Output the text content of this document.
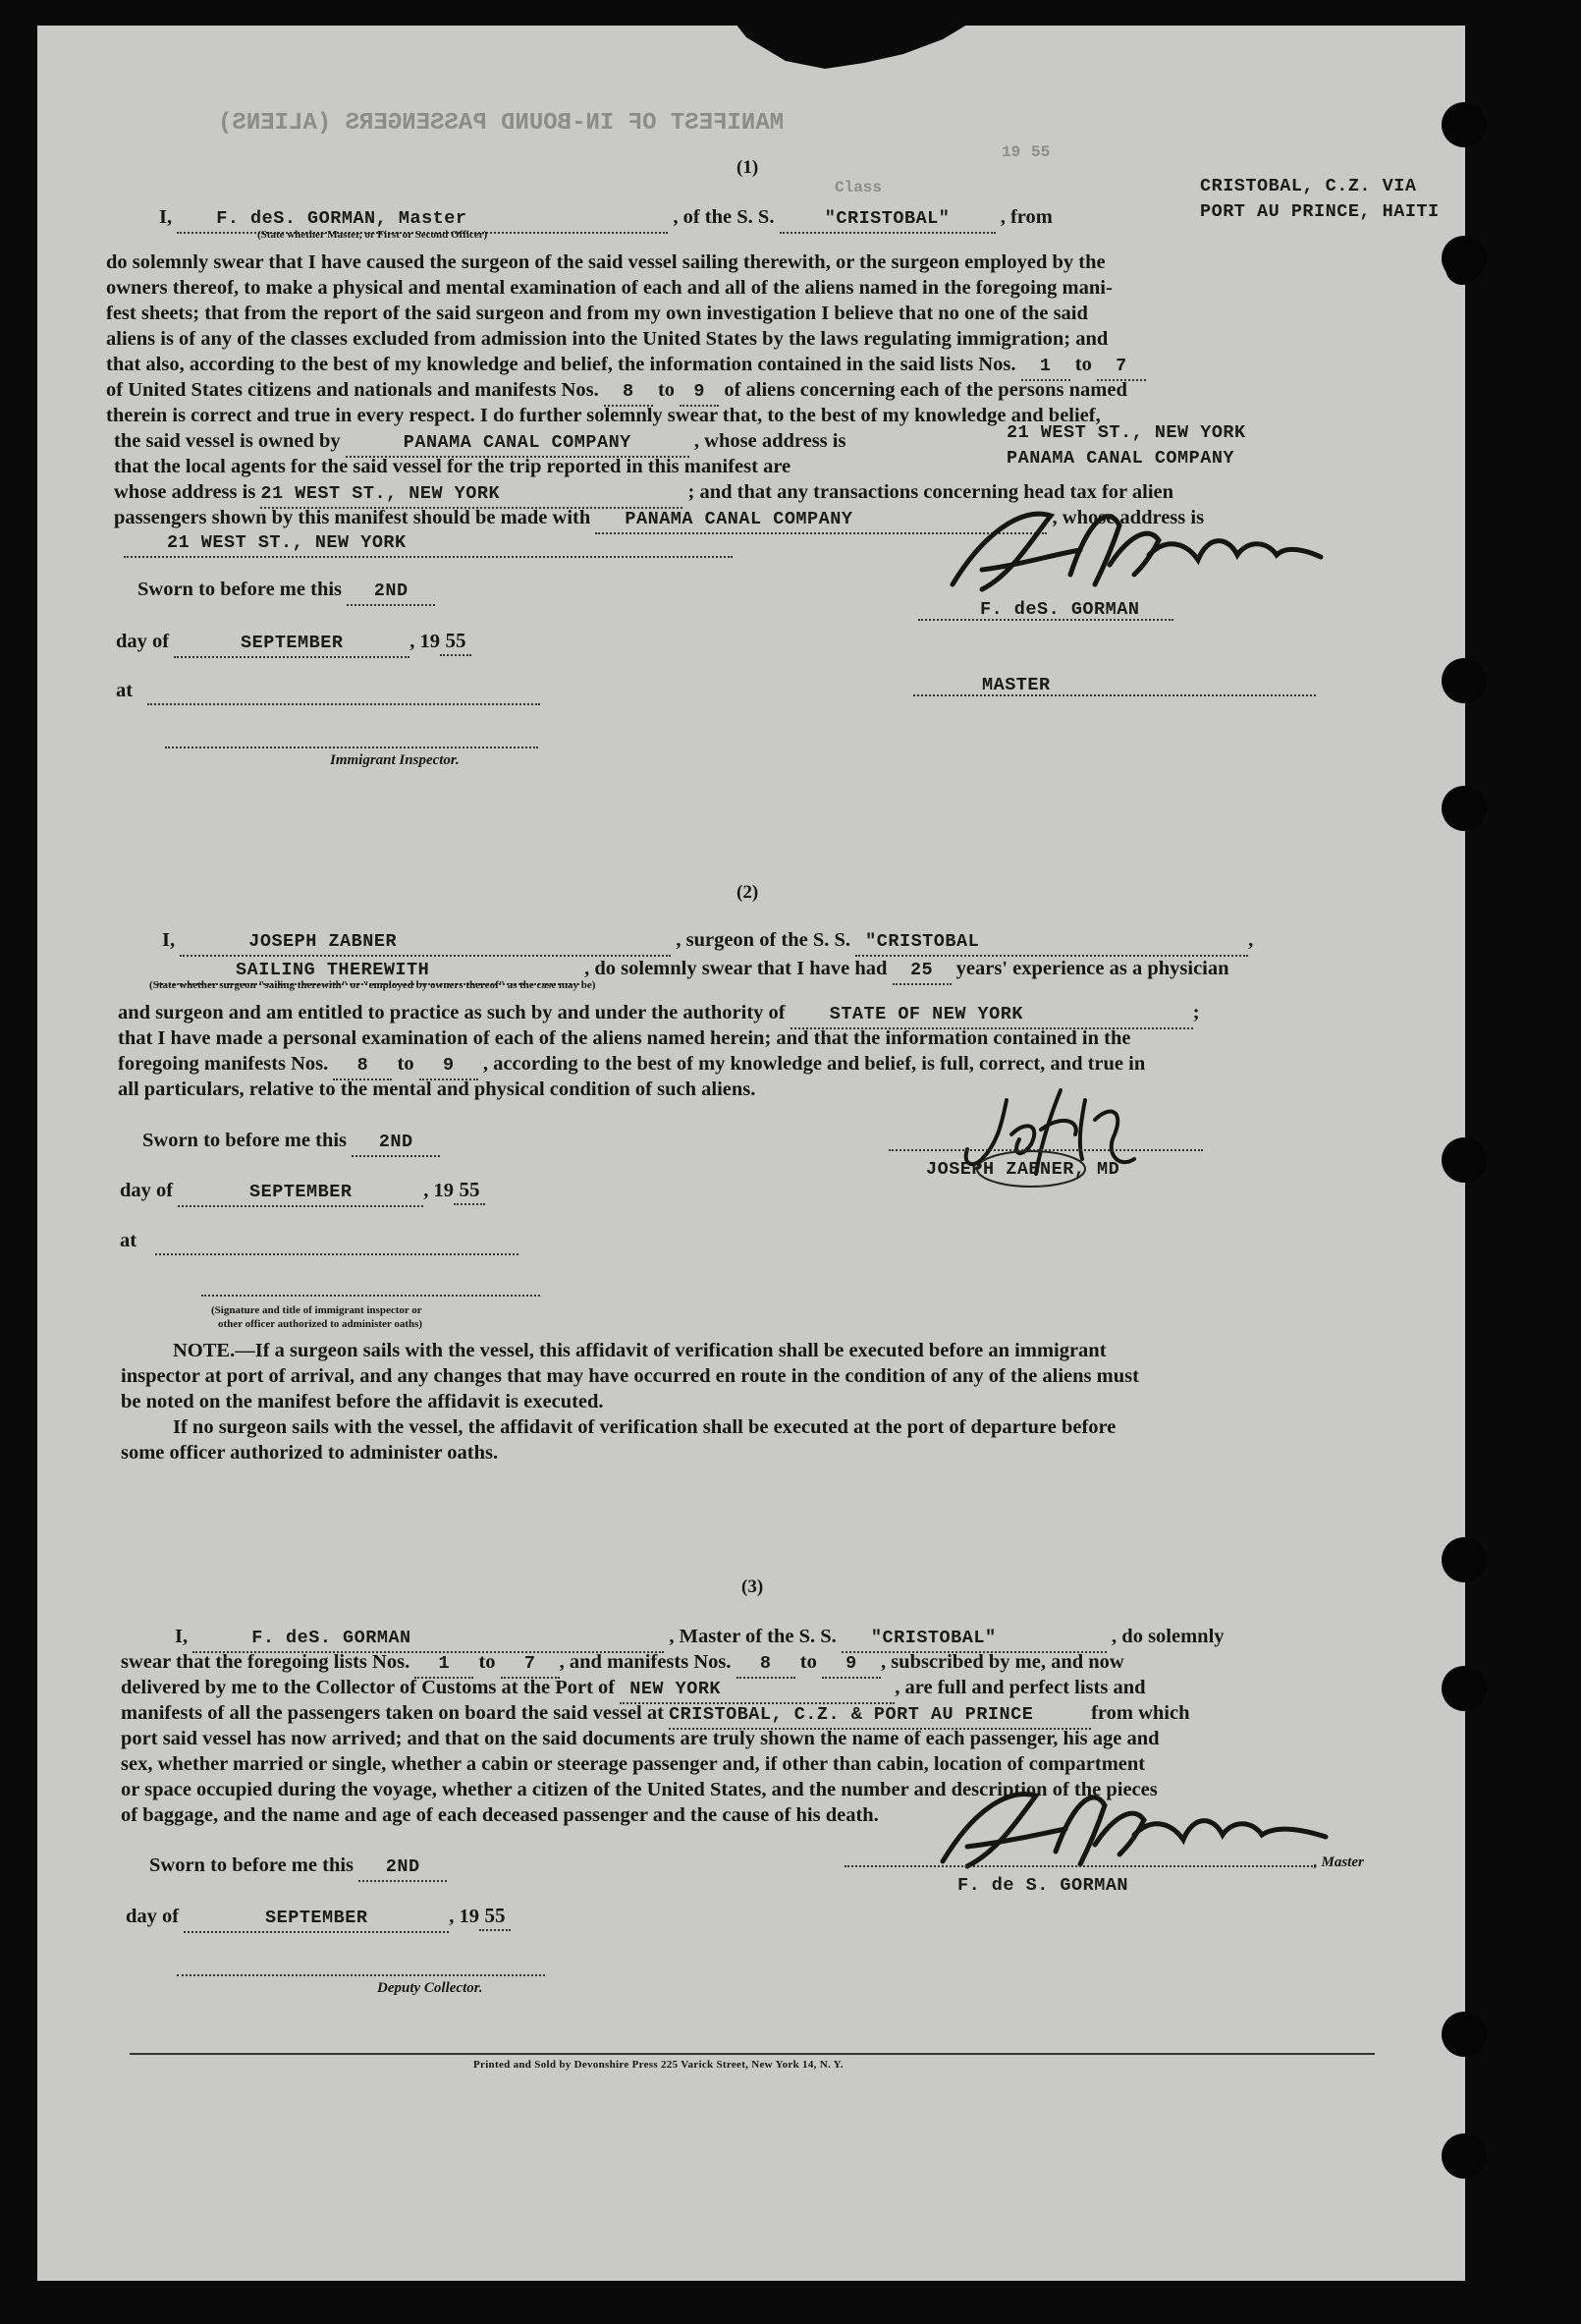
MANIFEST OF IN-BOUND PASSENGERS (ALIENS)
Class
19 55
(1)
CRISTOBAL, C.Z. VIA
I, F. deS. GORMAN, Master	, of the S. S.	"CRISTOBAL"	, from	PORT AU PRINCE, HAITI
(State whether Master, or First or Second Officer)
do solemnly swear that I have caused the surgeon of the said vessel sailing therewith, or the surgeon employed by the
owners thereof, to make a physical and mental examination of each and all of the aliens named in the foregoing mani-
fest sheets; that from the report of the said surgeon and from my own investigation I believe that no one of the said
aliens is of any of the classes excluded from admission into the United States by the laws regulating immigration; and
that also, according to the best of my knowledge and belief, the information contained in the said lists Nos. 1 to 7
of United States citizens and nationals and manifests Nos. 8 to 9 of aliens concerning each of the persons named
therein is correct and true in every respect. I do further solemnly swear that, to the best of my knowledge and belief,
the said vessel is owned by	PANAMA CANAL COMPANY	, whose address is	21 WEST ST., NEW YORK
that the local agents for the said vessel for the trip reported in this manifest are	PANAMA CANAL COMPANY
whose address is 21 WEST ST., NEW YORK	; and that any transactions concerning head tax for alien
passengers shown by this manifest should be made with PANAMA CANAL COMPANY	, whose address is
21 WEST ST., NEW YORK
Sworn to before me this 2ND
day of	SEPTEMBER	, 19 55
at
Immigrant Inspector.
F. deS. GORMAN
MASTER
(2)
I,	JOSEPH ZABNER	, surgeon of the S. S. "CRISTOBAL	,
SAILING THEREWITH	, do solemnly swear that I have had 25 years' experience as a physician
(State whether surgeon "sailing therewith" or "employed by owners thereof" as the case may be)
and surgeon and am entitled to practice as such by and under the authority of STATE OF NEW YORK	;
that I have made a personal examination of each of the aliens named herein; and that the information contained in the
foregoing manifests Nos. 8 to 9 , according to the best of my knowledge and belief, is full, correct, and true in
all particulars, relative to the mental and physical condition of such aliens.
Sworn to before me this 2ND
day of	SEPTEMBER	, 19 55
at
(Signature and title of immigrant inspector or
other officer authorized to administer oaths)
JOSEPH ZABNER, MD
NOTE.—If a surgeon sails with the vessel, this affidavit of verification shall be executed before an immigrant
inspector at port of arrival, and any changes that may have occurred en route in the condition of any of the aliens must
be noted on the manifest before the affidavit is executed.
If no surgeon sails with the vessel, the affidavit of verification shall be executed at the port of departure before
some officer authorized to administer oaths.
(3)
I,	F. deS. GORMAN	, Master of the S. S. "CRISTOBAL"	, do solemnly
swear that the foregoing lists Nos. 1 to 7 , and manifests Nos. 8 to 9 , subscribed by me, and now
delivered by me to the Collector of Customs at the Port of NEW YORK	, are full and perfect lists and
manifests of all the passengers taken on board the said vessel at CRISTOBAL, C.Z. & PORT AU PRINCE	from which
port said vessel has now arrived; and that on the said documents are truly shown the name of each passenger, his age and
sex, whether married or single, whether a cabin or steerage passenger and, if other than cabin, location of compartment
or space occupied during the voyage, whether a citizen of the United States, and the number and description of the pieces
of baggage, and the name and age of each deceased passenger and the cause of his death.
Sworn to before me this 2ND
day of	SEPTEMBER	, 19 55
Deputy Collector.
, Master
F. de S. GORMAN
Printed and Sold by Devonshire Press 225 Varick Street, New York 14, N. Y.
